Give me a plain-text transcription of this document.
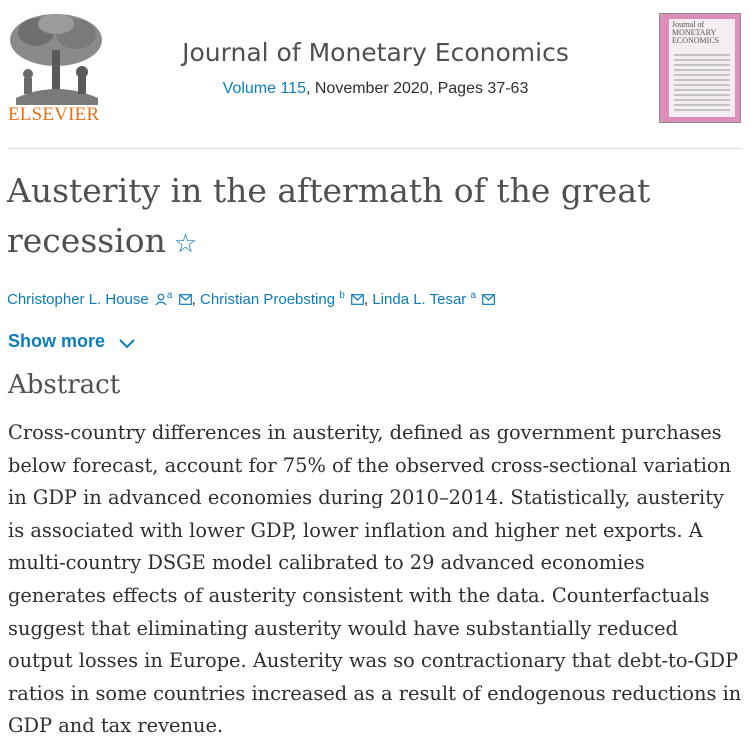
ELSEVIER
Journal of Monetary Economics
Volume 115, November 2020, Pages 37-63
Journal of MONETARY ECONOMICS
Austerity in the aftermath of the great recession ☆
Christopher L. House $^a$ , Christian Proebsting $^b$ , Linda L. Tesar $^a$
Show more
Abstract

Cross-country differences in austerity, defined as government purchases below forecast, account for 75% of the observed cross-sectional variation in GDP in advanced economies during 2010–2014. Statistically, austerity is associated with lower GDP, lower inflation and higher net exports. A multi-country DSGE model calibrated to 29 advanced economies generates effects of austerity consistent with the data. Counterfactuals suggest that eliminating austerity would have substantially reduced output losses in Europe. Austerity was so contractionary that debt-to-GDP ratios in some countries increased as a result of endogenous reductions in GDP and tax revenue.
